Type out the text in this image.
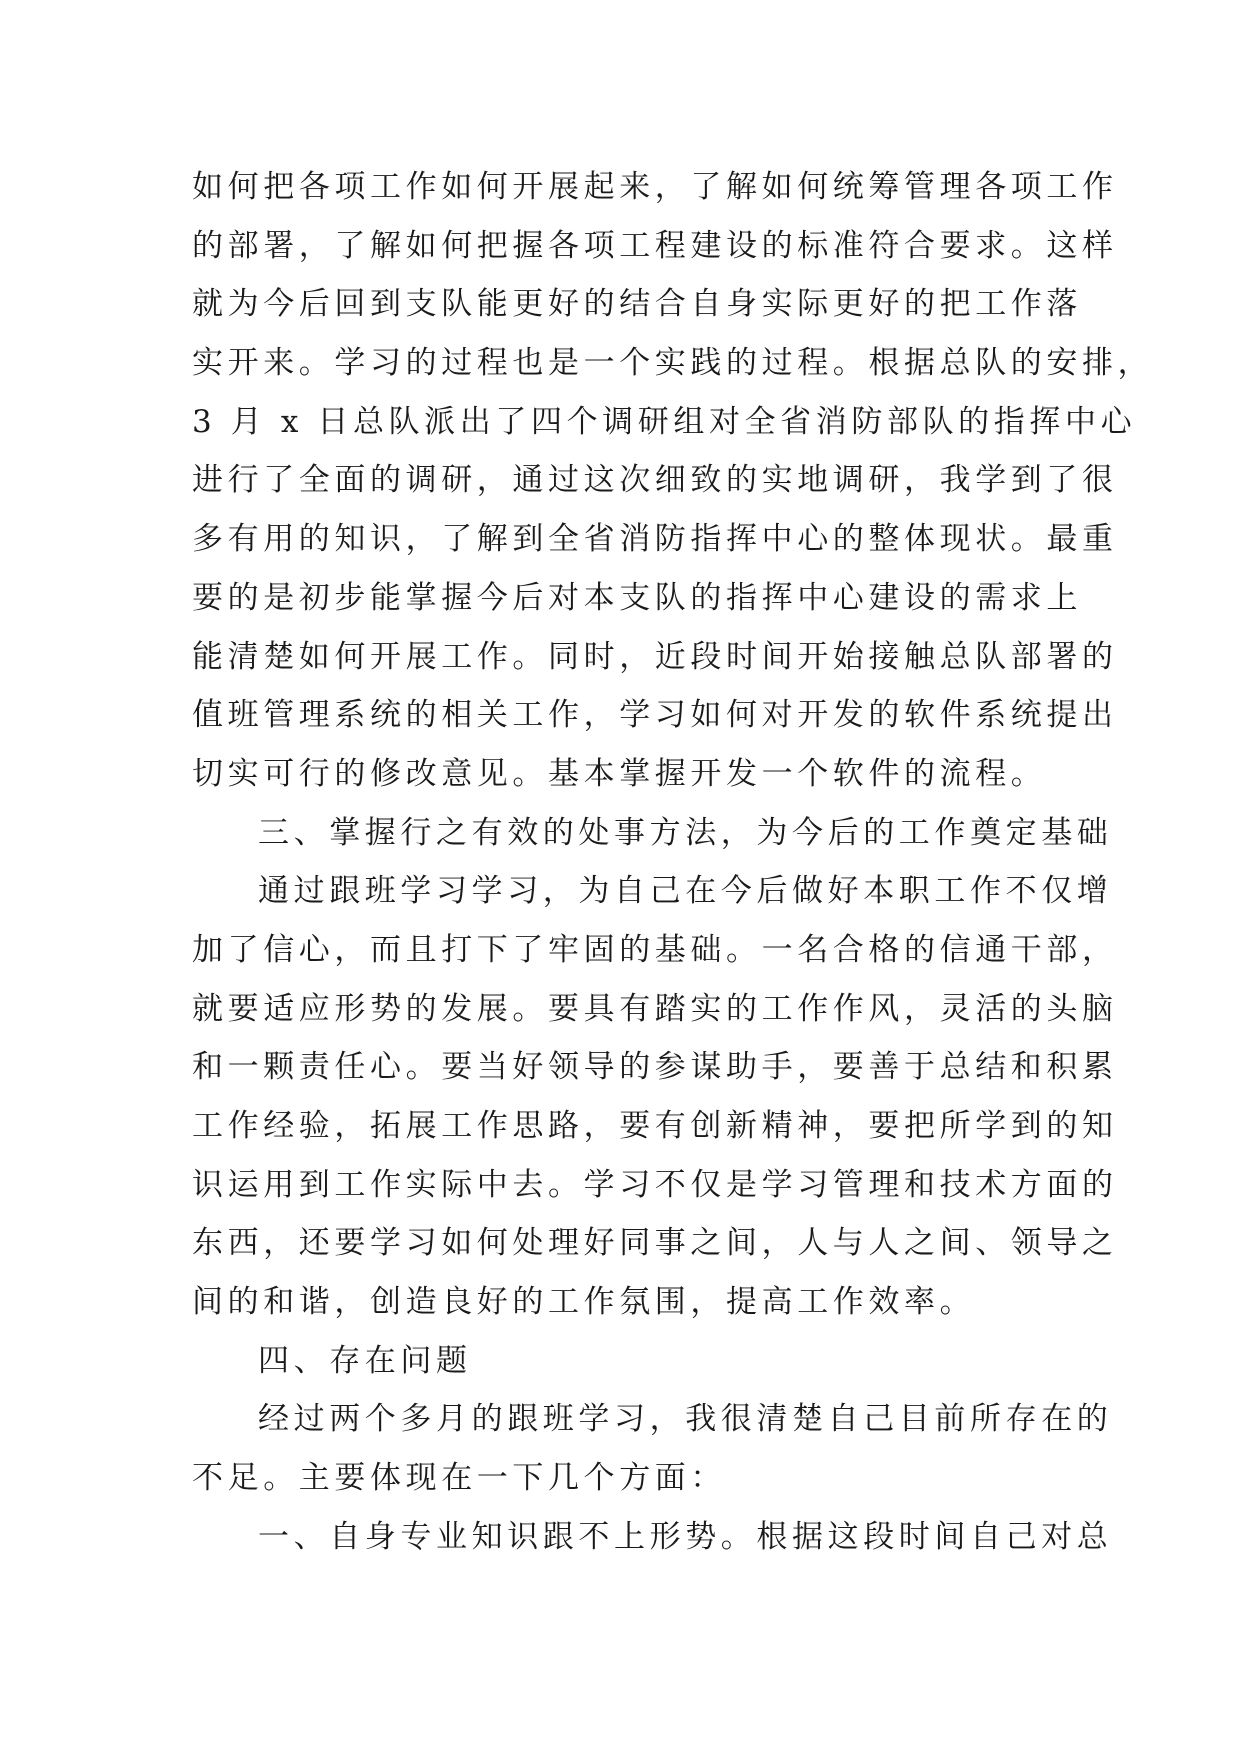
如何把各项工作如何开展起来，了解如何统筹管理各项工作
的部署，了解如何把握各项工程建设的标准符合要求。这样
就为今后回到支队能更好的结合自身实际更好的把工作落
实开来。学习的过程也是一个实践的过程。根据总队的安排，
3 月 x 日总队派出了四个调研组对全省消防部队的指挥中心
进行了全面的调研，通过这次细致的实地调研，我学到了很
多有用的知识，了解到全省消防指挥中心的整体现状。最重
要的是初步能掌握今后对本支队的指挥中心建设的需求上
能清楚如何开展工作。同时，近段时间开始接触总队部署的
值班管理系统的相关工作，学习如何对开发的软件系统提出
切实可行的修改意见。基本掌握开发一个软件的流程。
三、掌握行之有效的处事方法，为今后的工作奠定基础
通过跟班学习学习，为自己在今后做好本职工作不仅增
加了信心，而且打下了牢固的基础。一名合格的信通干部，
就要适应形势的发展。要具有踏实的工作作风，灵活的头脑
和一颗责任心。要当好领导的参谋助手，要善于总结和积累
工作经验，拓展工作思路，要有创新精神，要把所学到的知
识运用到工作实际中去。学习不仅是学习管理和技术方面的
东西，还要学习如何处理好同事之间，人与人之间、领导之
间的和谐，创造良好的工作氛围，提高工作效率。
四、存在问题
经过两个多月的跟班学习，我很清楚自己目前所存在的
不足。主要体现在一下几个方面：
一、自身专业知识跟不上形势。根据这段时间自己对总
